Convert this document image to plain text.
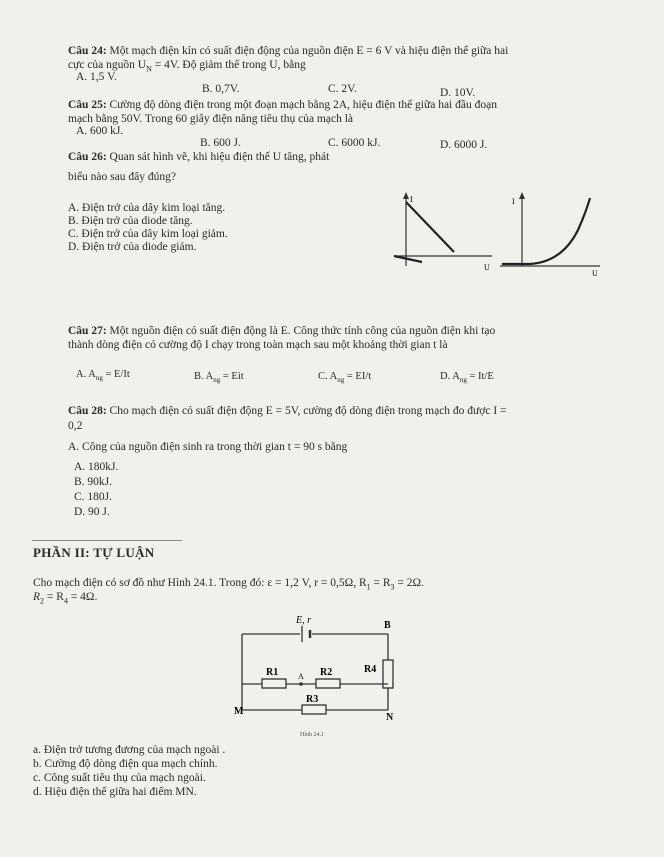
Câu 24: Một mạch điện kín có suất điện động của nguồn điện E = 6 V và hiệu điện thế giữa hai
cực của nguồn $U_N = 4V$. Độ giảm thế trong U, bằng
A. 1,5 V.
B. 0,7V.	C. 2V.	D. 10V.
Câu 25: Cường độ dòng điện trong một đoạn mạch bằng 2A, hiệu điện thế giữa hai đầu đoạn
mạch bằng 50V. Trong 60 giây điện năng tiêu thụ của mạch là
A. 600 kJ.
B. 600 J.	C. 6000 kJ.	D. 6000 J.
Câu 26: Quan sát hình vẽ, khi hiệu điện thế U tăng, phát
biểu nào sau đây đúng?
A. Điện trở của dây kim loại tăng.
B. Điện trở của diode tăng.
C. Điện trở của dây kim loại giảm.
D. Điện trở của diode giảm.
I
U
I
U
Câu 27: Một nguồn điện có suất điện động là E. Công thức tính công của nguồn điện khi tạo
thành dòng điện có cường độ I chạy trong toàn mạch sau một khoảng thời gian t là
A. $A_{ng} = E/It$	B. $A_{ng}$ = Eit	C. $A_{ng} = EI/t$	D. $A_{ng} = It/E$
Câu 28: Cho mạch điện có suất điện động E = 5V, cường độ dòng điện trong mạch đo được I =
0,2
A. Công của nguồn điện sinh ra trong thời gian t = 90 s bằng
A. 180kJ.
B. 90kJ.
C. 180J.
D. 90 J.
PHẦN II: TỰ LUẬN
Cho mạch điện có sơ đồ như Hình 24.1. Trong đó: ε = 1,2 V, r = 0,5Ω, $R_1 = R_3 = 2\Omega$.
$R_2 = R_4 = 4\Omega$.
E, r
R1 A R2	R4
R3
B
M
N
Hình 24.1
a. Điện trở tương đương của mạch ngoài .
b. Cường độ dòng điện qua mạch chính.
c. Công suất tiêu thụ của mạch ngoài.
d. Hiệu điện thế giữa hai điểm MN.
